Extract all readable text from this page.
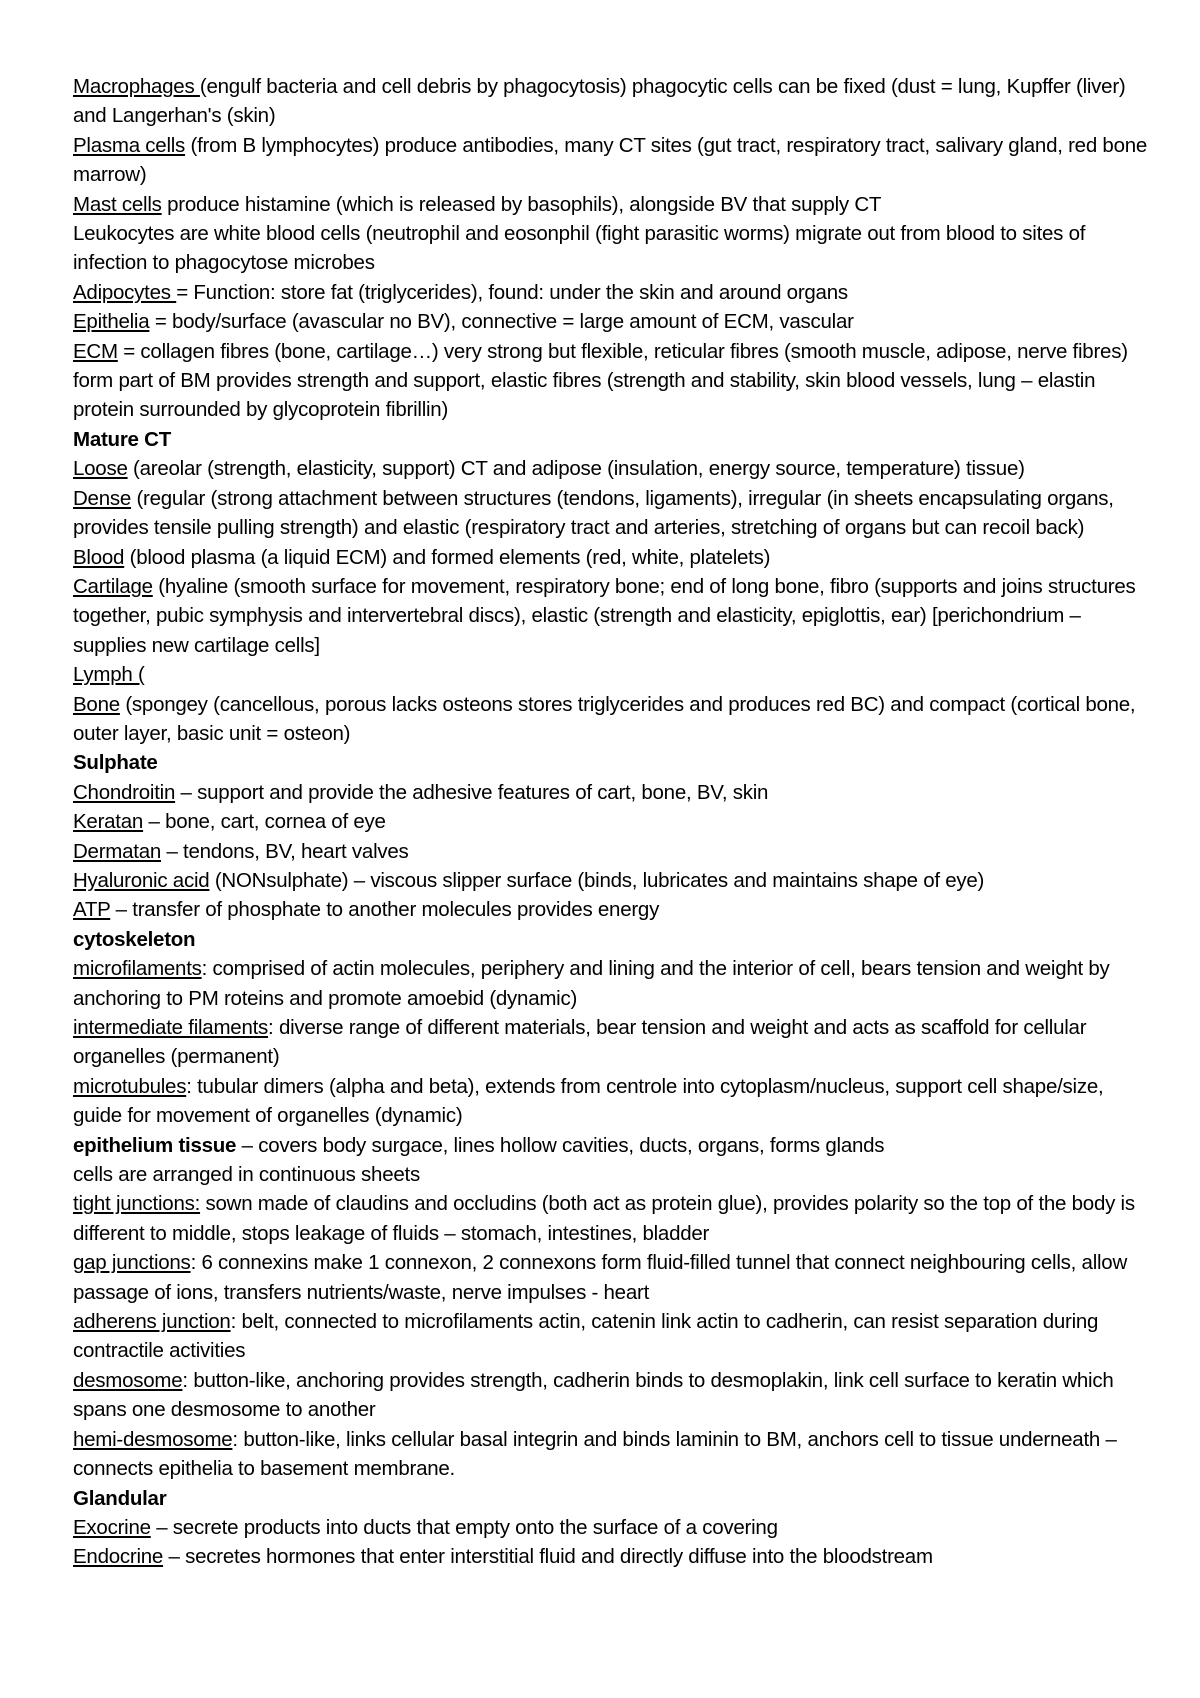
Macrophages (engulf bacteria and cell debris by phagocytosis) phagocytic cells can be fixed (dust = lung, Kupffer (liver) and Langerhan's (skin)
Plasma cells (from B lymphocytes) produce antibodies, many CT sites (gut tract, respiratory tract, salivary gland, red bone marrow)
Mast cells produce histamine (which is released by basophils), alongside BV that supply CT
Leukocytes are white blood cells (neutrophil and eosonphil (fight parasitic worms) migrate out from blood to sites of infection to phagocytose microbes
Adipocytes = Function: store fat (triglycerides), found: under the skin and around organs
Epithelia = body/surface (avascular no BV), connective = large amount of ECM, vascular
ECM = collagen fibres (bone, cartilage…) very strong but flexible, reticular fibres (smooth muscle, adipose, nerve fibres) form part of BM provides strength and support, elastic fibres (strength and stability, skin blood vessels, lung – elastin protein surrounded by glycoprotein fibrillin)
Mature CT
Loose (areolar (strength, elasticity, support) CT and adipose (insulation, energy source, temperature) tissue)
Dense (regular (strong attachment between structures (tendons, ligaments), irregular (in sheets encapsulating organs, provides tensile pulling strength) and elastic (respiratory tract and arteries, stretching of organs but can recoil back)
Blood (blood plasma (a liquid ECM) and formed elements (red, white, platelets)
Cartilage (hyaline (smooth surface for movement, respiratory bone; end of long bone, fibro (supports and joins structures together, pubic symphysis and intervertebral discs), elastic (strength and elasticity, epiglottis, ear) [perichondrium – supplies new cartilage cells]
Lymph (
Bone (spongey (cancellous, porous lacks osteons stores triglycerides and produces red BC) and compact (cortical bone, outer layer, basic unit = osteon)
Sulphate
Chondroitin – support and provide the adhesive features of cart, bone, BV, skin
Keratan – bone, cart, cornea of eye
Dermatan – tendons, BV, heart valves
Hyaluronic acid (NONsulphate) – viscous slipper surface (binds, lubricates and maintains shape of eye)
ATP – transfer of phosphate to another molecules provides energy
cytoskeleton
microfilaments: comprised of actin molecules, periphery and lining and the interior of cell, bears tension and weight by anchoring to PM roteins and promote amoebid (dynamic)
intermediate filaments: diverse range of different materials, bear tension and weight and acts as scaffold for cellular organelles (permanent)
microtubules: tubular dimers (alpha and beta), extends from centrole into cytoplasm/nucleus, support cell shape/size, guide for movement of organelles (dynamic)
epithelium tissue – covers body surgace, lines hollow cavities, ducts, organs, forms glands
cells are arranged in continuous sheets
tight junctions: sown made of claudins and occludins (both act as protein glue), provides polarity so the top of the body is different to middle, stops leakage of fluids – stomach, intestines, bladder
gap junctions: 6 connexins make 1 connexon, 2 connexons form fluid-filled tunnel that connect neighbouring cells, allow passage of ions, transfers nutrients/waste, nerve impulses - heart
adherens junction: belt, connected to microfilaments actin, catenin link actin to cadherin, can resist separation during contractile activities
desmosome: button-like, anchoring provides strength, cadherin binds to desmoplakin, link cell surface to keratin which spans one desmosome to another
hemi-desmosome: button-like, links cellular basal integrin and binds laminin to BM, anchors cell to tissue underneath – connects epithelia to basement membrane.
Glandular
Exocrine – secrete products into ducts that empty onto the surface of a covering
Endocrine – secretes hormones that enter interstitial fluid and directly diffuse into the bloodstream
